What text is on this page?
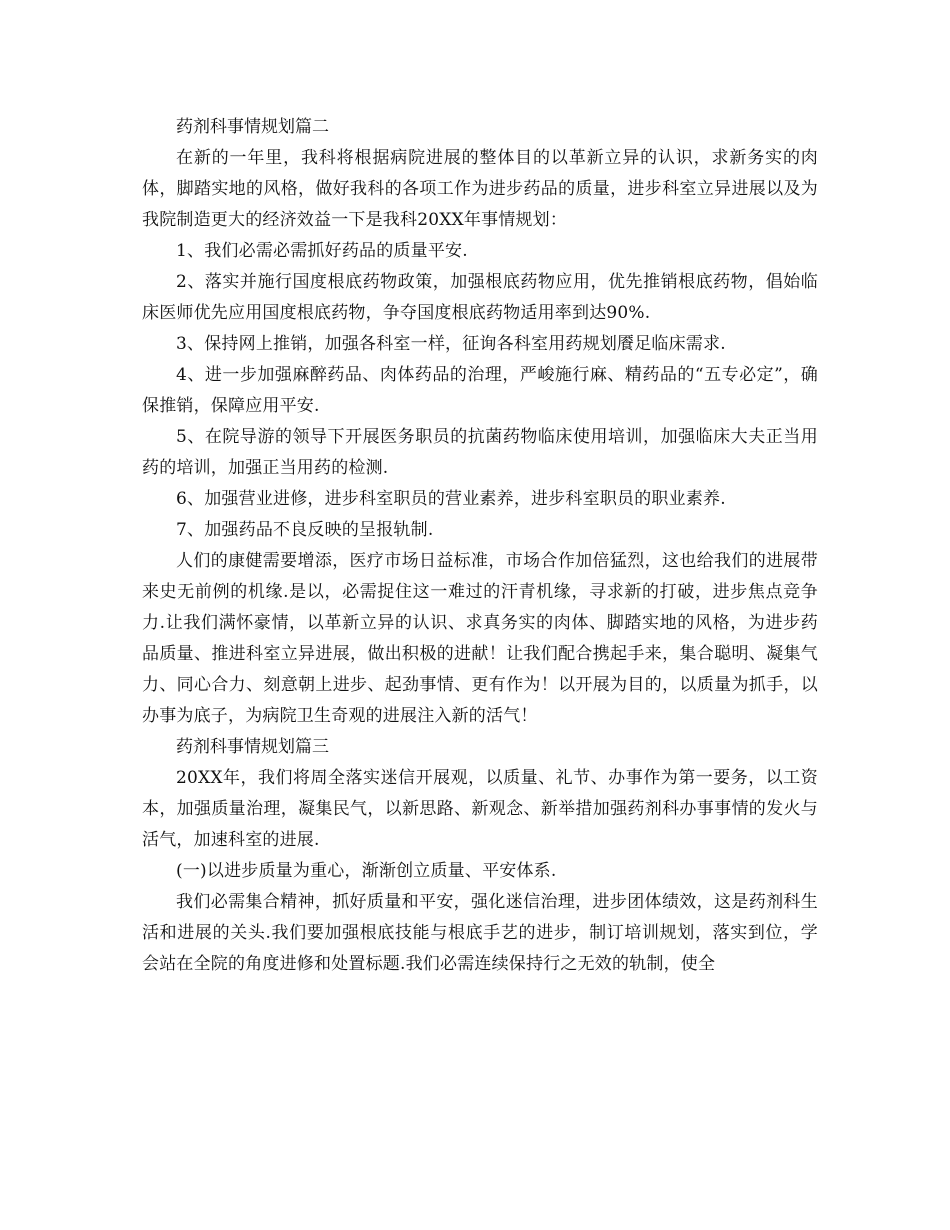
药剂科事情规划篇二

在新的一年里，我科将根据病院进展的整体目的以革新立异的认识，求新务实的肉体，脚踏实地的风格，做好我科的各项工作为进步药品的质量，进步科室立异进展以及为我院制造更大的经济效益一下是我科20XX年事情规划：

1、我们必需必需抓好药品的质量平安.

2、落实并施行国度根底药物政策，加强根底药物应用，优先推销根底药物，倡始临床医师优先应用国度根底药物，争夺国度根底药物适用率到达90%.

3、保持网上推销，加强各科室一样，征询各科室用药规划餍足临床需求.

4、进一步加强麻醉药品、肉体药品的治理，严峻施行麻、精药品的“五专必定”，确保推销，保障应用平安.

5、在院导游的领导下开展医务职员的抗菌药物临床使用培训，加强临床大夫正当用药的培训，加强正当用药的检测.

6、加强营业进修，进步科室职员的营业素养，进步科室职员的职业素养.

7、加强药品不良反映的呈报轨制.

人们的康健需要增添，医疗市场日益标准，市场合作加倍猛烈，这也给我们的进展带来史无前例的机缘.是以，必需捉住这一难过的汗青机缘，寻求新的打破，进步焦点竞争力.让我们满怀豪情，以革新立异的认识、求真务实的肉体、脚踏实地的风格，为进步药品质量、推进科室立异进展，做出积极的进献！让我们配合携起手来，集合聪明、凝集气力、同心合力、刻意朝上进步、起劲事情、更有作为！以开展为目的，以质量为抓手，以办事为底子，为病院卫生奇观的进展注入新的活气！

药剂科事情规划篇三

20XX年，我们将周全落实迷信开展观，以质量、礼节、办事作为第一要务，以工资本，加强质量治理，凝集民气，以新思路、新观念、新举措加强药剂科办事事情的发火与活气，加速科室的进展.

(一)以进步质量为重心，渐渐创立质量、平安体系.

我们必需集合精神，抓好质量和平安，强化迷信治理，进步团体绩效，这是药剂科生活和进展的关头.我们要加强根底技能与根底手艺的进步，制订培训规划，落实到位，学会站在全院的角度进修和处置标题.我们必需连续保持行之无效的轨制，使全
